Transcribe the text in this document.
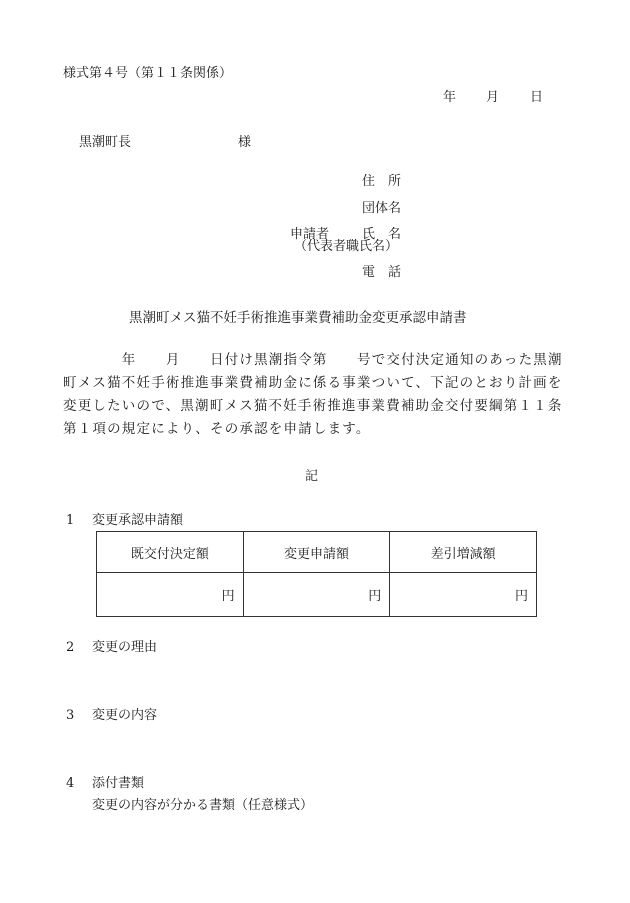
様式第４号（第１１条関係）
年 月 日
黒潮町長	様
住　所
団体名
申請者	氏　名
（代表者職氏名）
電　話
黒潮町メス猫不妊手術推進事業費補助金変更承認申請書
　　　　年　　月　　日付け黒潮指令第　　号で交付決定通知のあった黒潮町メス猫不妊手術推進事業費補助金に係る事業ついて、下記のとおり計画を変更したいので、黒潮町メス猫不妊手術推進事業費補助金交付要綱第１１条第１項の規定により、その承認を申請します。
記
1 変更承認申請額
既交付決定額	変更申請額	差引増減額
円	円	円
2 変更の理由
3 変更の内容
4 添付書類
変更の内容が分かる書類（任意様式）
